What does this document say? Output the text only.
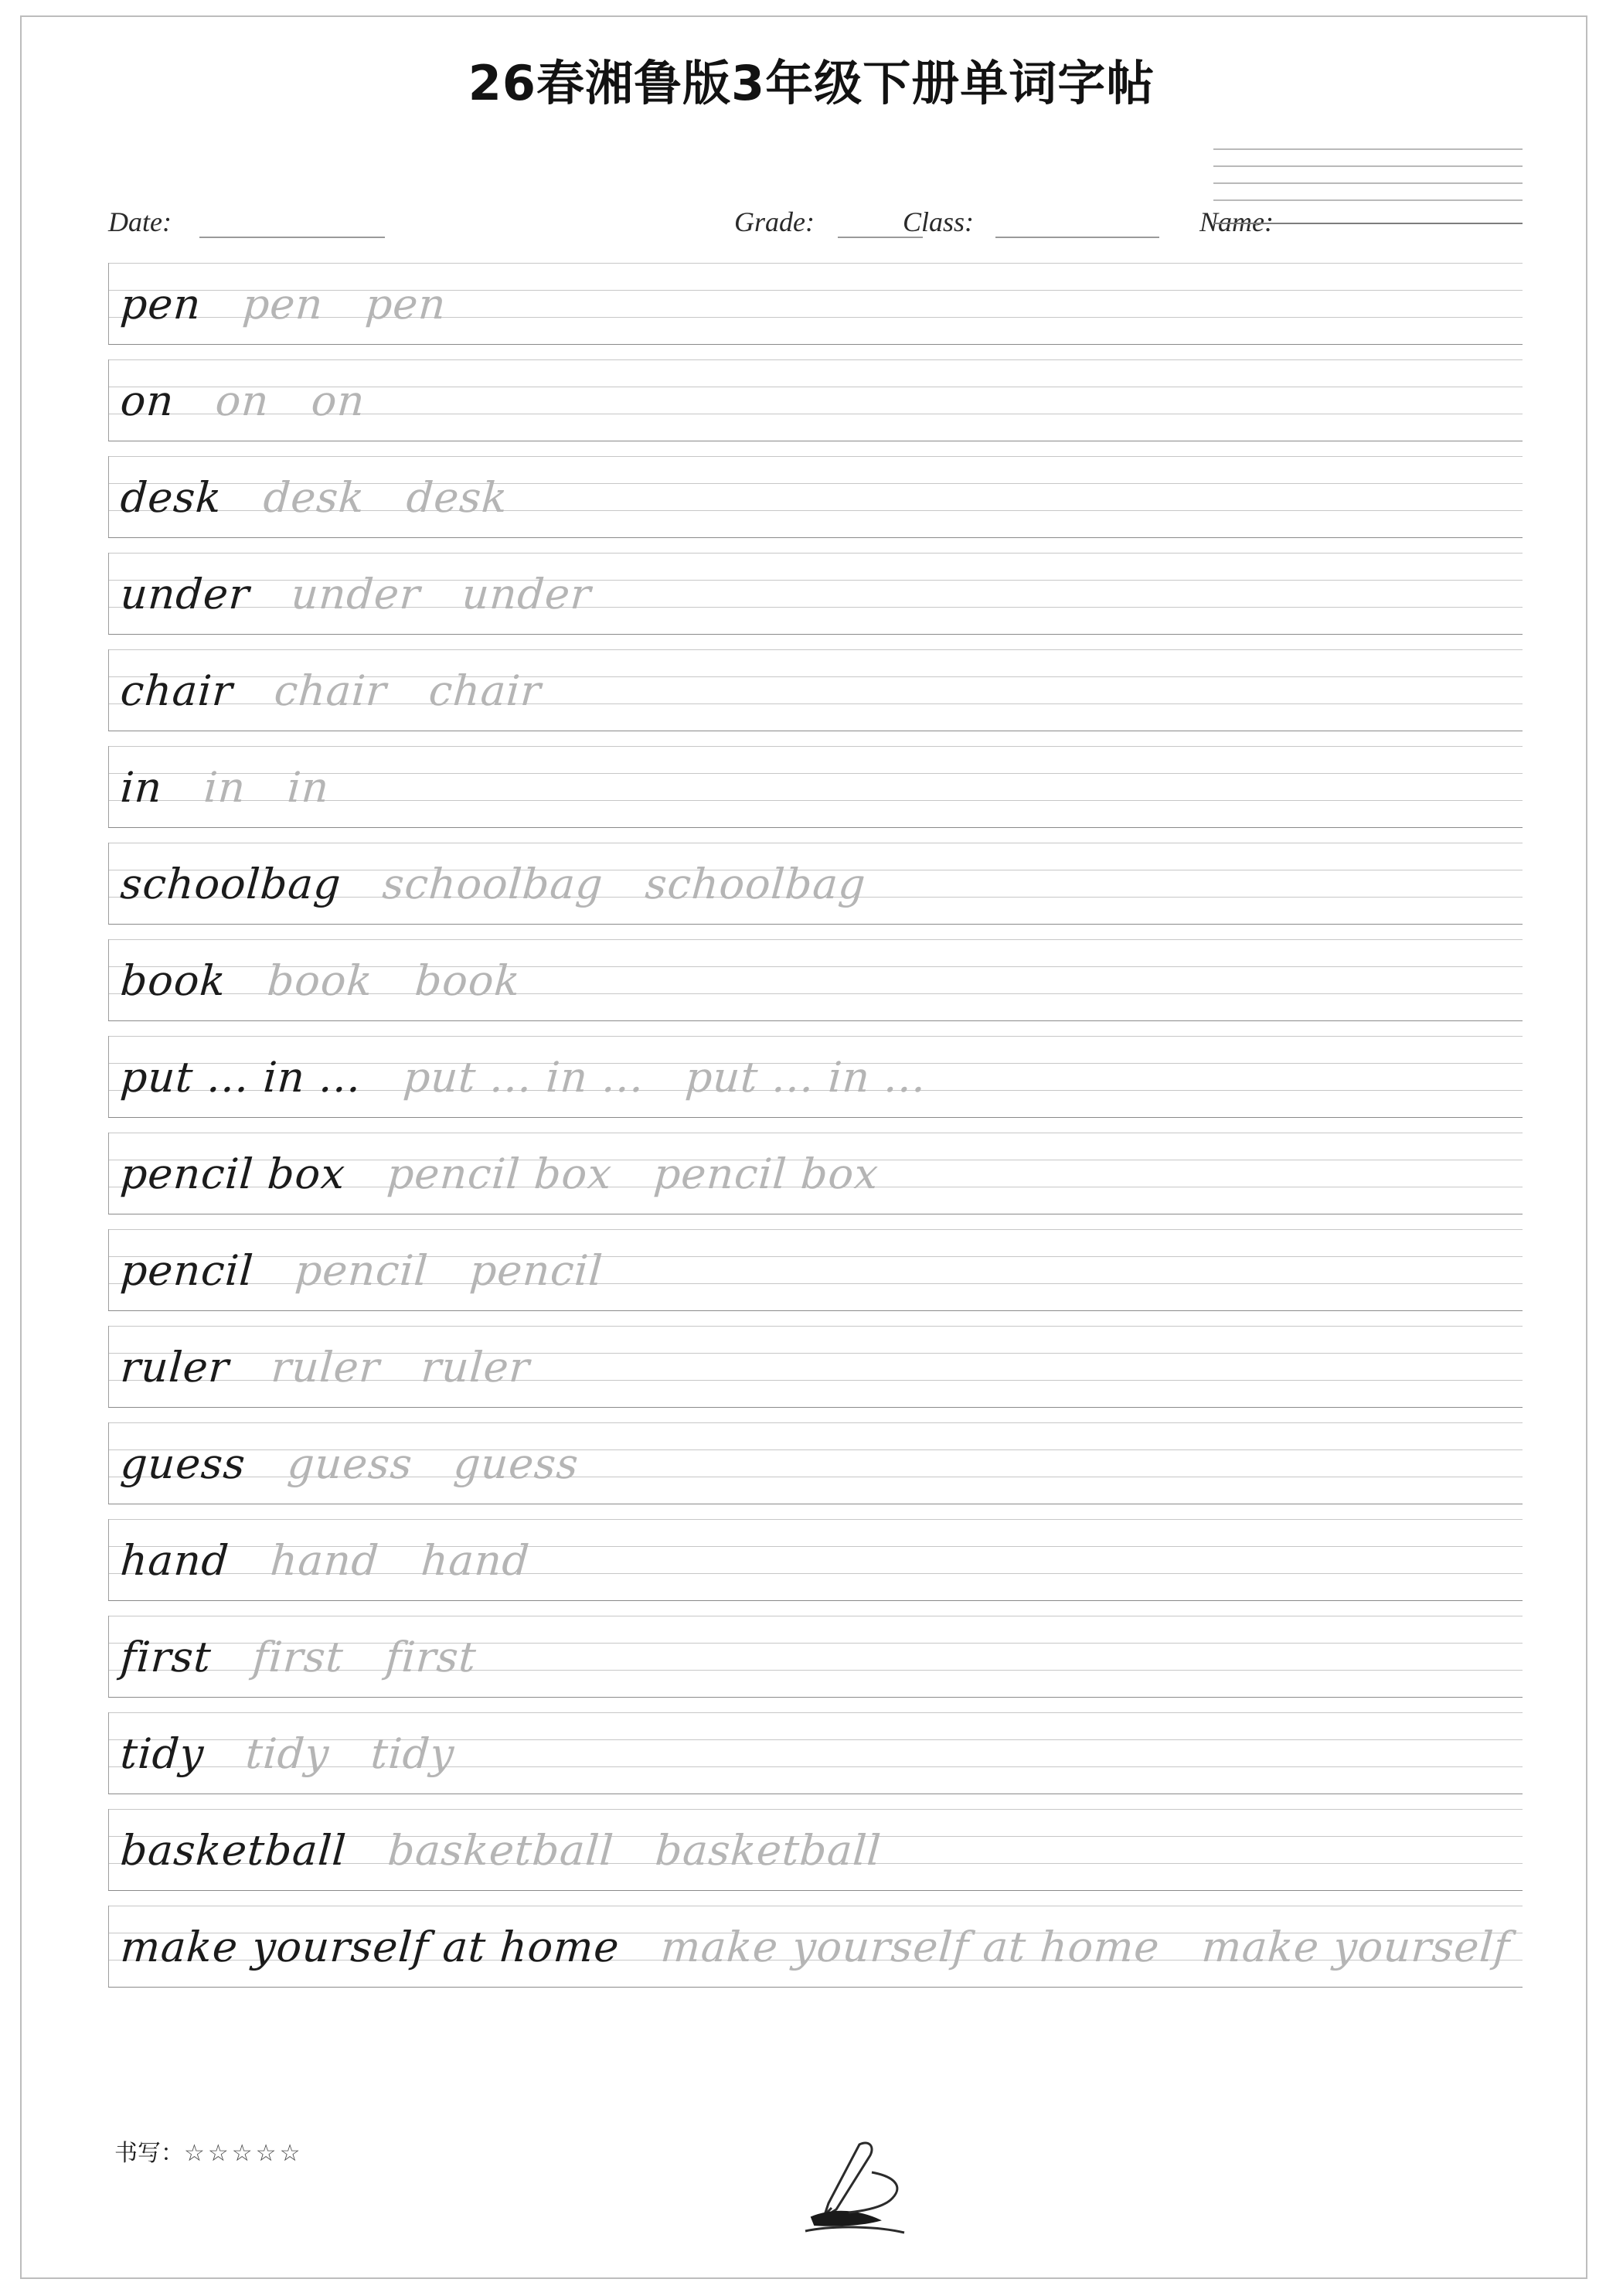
26春湘鲁版3年级下册单词字帖
Date:	Grade:	Class:	Name:
pen pen pen
on on on
desk desk desk
under under under
chair chair chair
in in in
schoolbag schoolbag schoolbag
book book book
put ... in ... put ... in ... put ... in ...
pencil box pencil box pencil box
pencil pencil pencil
ruler ruler ruler
guess guess guess
hand hand hand
first first first
tidy tidy tidy
basketball basketball basketball
make yourself at home make yourself at home make yourself
书写：☆☆☆☆☆
